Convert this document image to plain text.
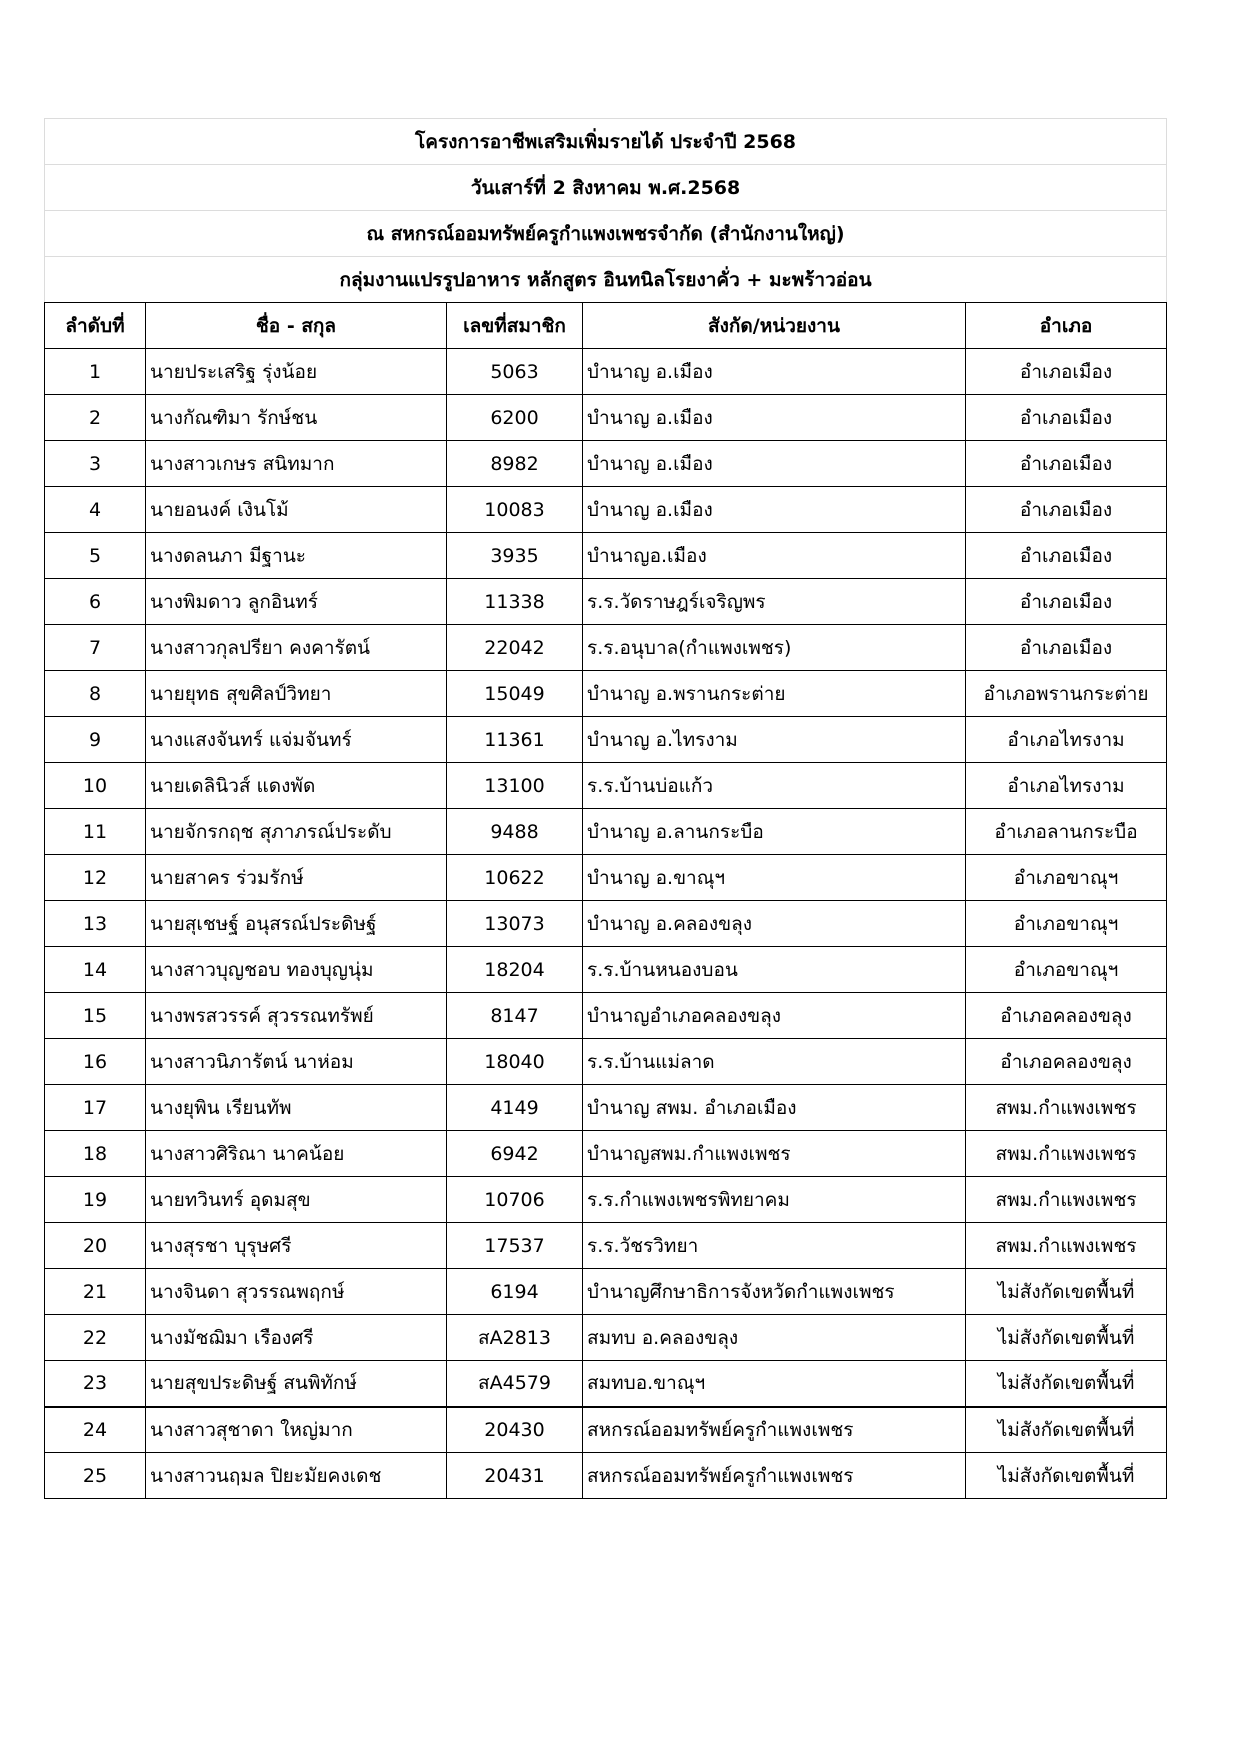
โครงการอาชีพเสริมเพิ่มรายได้ ประจำปี 2568				
วันเสาร์ที่ 2 สิงหาคม พ.ศ.2568				
ณ สหกรณ์ออมทรัพย์ครูกำแพงเพชรจำกัด (สำนักงานใหญ่)				
กลุ่มงานแปรรูปอาหาร หลักสูตร อินทนิลโรยงาคั่ว + มะพร้าวอ่อน				
ลำดับที่	ชื่อ - สกุล	เลขที่สมาชิก	สังกัด/หน่วยงาน	อำเภอ
1	นายประเสริฐ รุ่งน้อย	5063	บำนาญ อ.เมือง	อำเภอเมือง
2	นางกัณฑิมา รักษ์ชน	6200	บำนาญ อ.เมือง	อำเภอเมือง
3	นางสาวเกษร สนิทมาก	8982	บำนาญ อ.เมือง	อำเภอเมือง
4	นายอนงค์ เงินโม้	10083	บำนาญ อ.เมือง	อำเภอเมือง
5	นางดลนภา มีฐานะ	3935	บำนาญอ.เมือง	อำเภอเมือง
6	นางพิมดาว ลูกอินทร์	11338	ร.ร.วัดราษฎร์เจริญพร	อำเภอเมือง
7	นางสาวกุลปรียา คงคารัตน์	22042	ร.ร.อนุบาล(กำแพงเพชร)	อำเภอเมือง
8	นายยุทธ สุขศิลป์วิทยา	15049	บำนาญ อ.พรานกระต่าย	อำเภอพรานกระต่าย
9	นางแสงจันทร์ แจ่มจันทร์	11361	บำนาญ อ.ไทรงาม	อำเภอไทรงาม
10	นายเดลินิวส์ แดงพัด	13100	ร.ร.บ้านบ่อแก้ว	อำเภอไทรงาม
11	นายจักรกฤช สุภาภรณ์ประดับ	9488	บำนาญ อ.ลานกระบือ	อำเภอลานกระบือ
12	นายสาคร ร่วมรักษ์	10622	บำนาญ อ.ขาณุฯ	อำเภอขาณุฯ
13	นายสุเชษฐ์ อนุสรณ์ประดิษฐ์	13073	บำนาญ อ.คลองขลุง	อำเภอขาณุฯ
14	นางสาวบุญชอบ ทองบุญนุ่ม	18204	ร.ร.บ้านหนองบอน	อำเภอขาณุฯ
15	นางพรสวรรค์ สุวรรณทรัพย์	8147	บำนาญอำเภอคลองขลุง	อำเภอคลองขลุง
16	นางสาวนิภารัตน์ นาห่อม	18040	ร.ร.บ้านแม่ลาด	อำเภอคลองขลุง
17	นางยุพิน เรียนทัพ	4149	บำนาญ สพม. อำเภอเมือง	สพม.กำแพงเพชร
18	นางสาวศิริณา นาคน้อย	6942	บำนาญสพม.กำแพงเพชร	สพม.กำแพงเพชร
19	นายทวินทร์ อุดมสุข	10706	ร.ร.กำแพงเพชรพิทยาคม	สพม.กำแพงเพชร
20	นางสุรชา บุรุษศรี	17537	ร.ร.วัชรวิทยา	สพม.กำแพงเพชร
21	นางจินดา สุวรรณพฤกษ์	6194	บำนาญศึกษาธิการจังหวัดกำแพงเพชร	ไม่สังกัดเขตพื้นที่
22	นางมัชฌิมา เรืองศรี	สA2813	สมทบ อ.คลองขลุง	ไม่สังกัดเขตพื้นที่
23	นายสุขประดิษฐ์ สนพิทักษ์	สA4579	สมทบอ.ขาณุฯ	ไม่สังกัดเขตพื้นที่
24	นางสาวสุชาดา ใหญ่มาก	20430	สหกรณ์ออมทรัพย์ครูกำแพงเพชร	ไม่สังกัดเขตพื้นที่
25	นางสาวนฤมล ปิยะมัยคงเดช	20431	สหกรณ์ออมทรัพย์ครูกำแพงเพชร	ไม่สังกัดเขตพื้นที่
